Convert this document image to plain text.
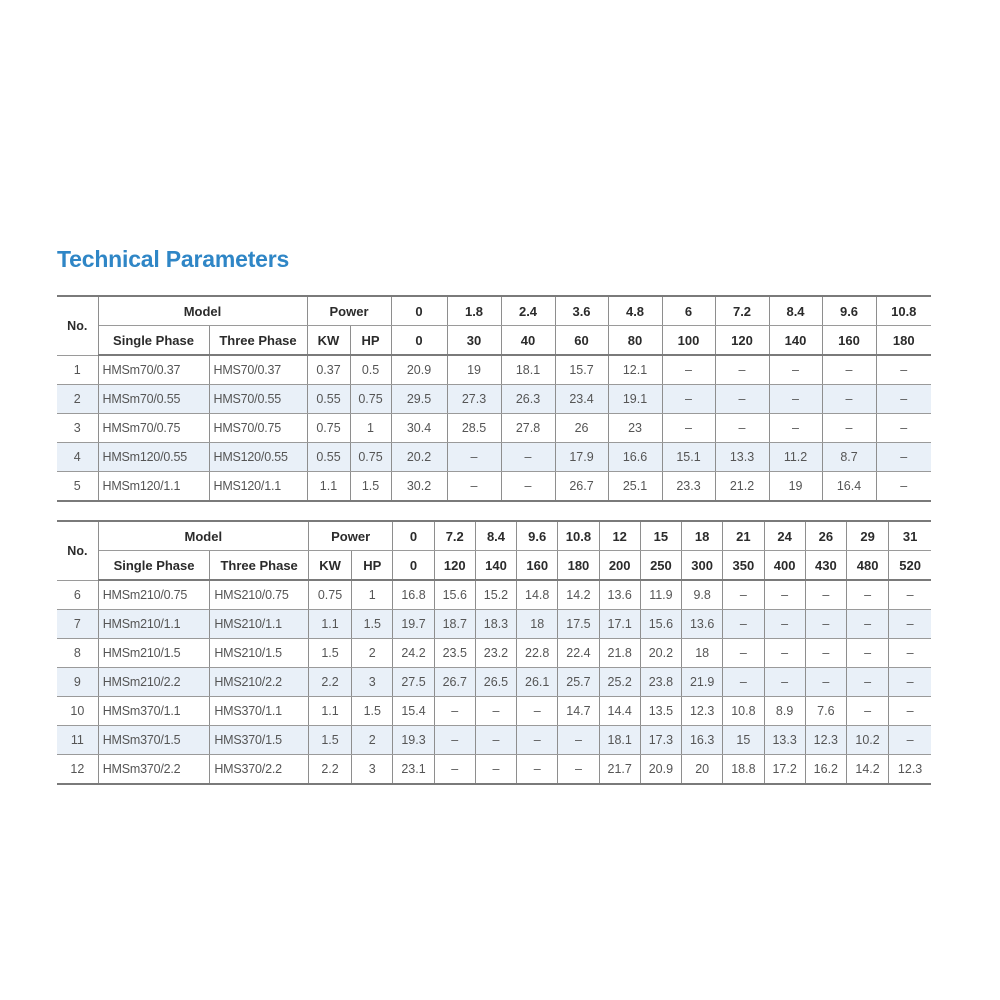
Technical Parameters
No.	Model		Power		0	1.8	2.4	3.6	4.8	6	7.2	8.4	9.6	10.8
	Single Phase	Three Phase	KW	HP	0	30	40	60	80	100	120	140	160	180
1	HMSm70/0.37	HMS70/0.37	0.37	0.5	20.9	19	18.1	15.7	12.1	–	–	–	–	–
2	HMSm70/0.55	HMS70/0.55	0.55	0.75	29.5	27.3	26.3	23.4	19.1	–	–	–	–	–
3	HMSm70/0.75	HMS70/0.75	0.75	1	30.4	28.5	27.8	26	23	–	–	–	–	–
4	HMSm120/0.55	HMS120/0.55	0.55	0.75	20.2	–	–	17.9	16.6	15.1	13.3	11.2	8.7	–
5	HMSm120/1.1	HMS120/1.1	1.1	1.5	30.2	–	–	26.7	25.1	23.3	21.2	19	16.4	–
No.	Model		Power		0	7.2	8.4	9.6	10.8	12	15	18	21	24	26	29	31
	Single Phase	Three Phase	KW	HP	0	120	140	160	180	200	250	300	350	400	430	480	520
6	HMSm210/0.75	HMS210/0.75	0.75	1	16.8	15.6	15.2	14.8	14.2	13.6	11.9	9.8	–	–	–	–	–
7	HMSm210/1.1	HMS210/1.1	1.1	1.5	19.7	18.7	18.3	18	17.5	17.1	15.6	13.6	–	–	–	–	–
8	HMSm210/1.5	HMS210/1.5	1.5	2	24.2	23.5	23.2	22.8	22.4	21.8	20.2	18	–	–	–	–	–
9	HMSm210/2.2	HMS210/2.2	2.2	3	27.5	26.7	26.5	26.1	25.7	25.2	23.8	21.9	–	–	–	–	–
10	HMSm370/1.1	HMS370/1.1	1.1	1.5	15.4	–	–	–	14.7	14.4	13.5	12.3	10.8	8.9	7.6	–	–
11	HMSm370/1.5	HMS370/1.5	1.5	2	19.3	–	–	–	–	18.1	17.3	16.3	15	13.3	12.3	10.2	–
12	HMSm370/2.2	HMS370/2.2	2.2	3	23.1	–	–	–	–	21.7	20.9	20	18.8	17.2	16.2	14.2	12.3
